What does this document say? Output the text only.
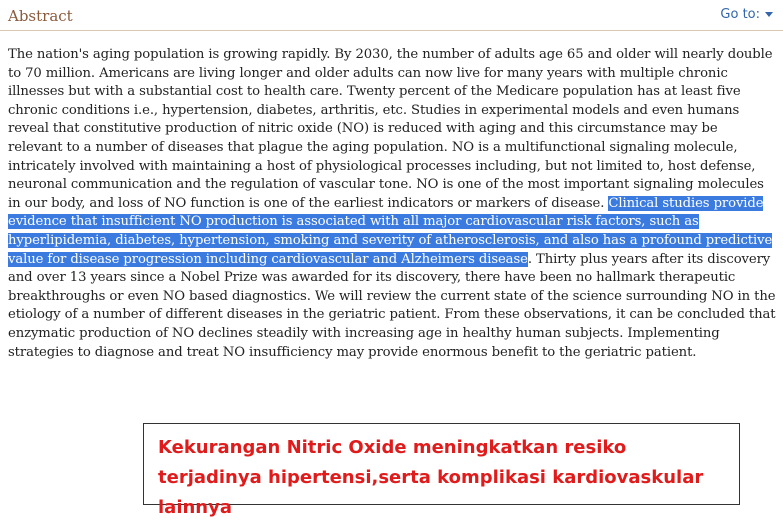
Abstract	Go to:

The nation's aging population is growing rapidly. By 2030, the number of adults age 65 and older will nearly double to 70 million. Americans are living longer and older adults can now live for many years with multiple chronic illnesses but with a substantial cost to health care. Twenty percent of the Medicare population has at least five chronic conditions i.e., hypertension, diabetes, arthritis, etc. Studies in experimental models and even humans reveal that constitutive production of nitric oxide (NO) is reduced with aging and this circumstance may be relevant to a number of diseases that plague the aging population. NO is a multifunctional signaling molecule, intricately involved with maintaining a host of physiological processes including, but not limited to, host defense, neuronal communication and the regulation of vascular tone. NO is one of the most important signaling molecules in our body, and loss of NO function is one of the earliest indicators or markers of disease. Clinical studies provide evidence that insufficient NO production is associated with all major cardiovascular risk factors, such as hyperlipidemia, diabetes, hypertension, smoking and severity of atherosclerosis, and also has a profound predictive value for disease progression including cardiovascular and Alzheimers disease. Thirty plus years after its discovery and over 13 years since a Nobel Prize was awarded for its discovery, there have been no hallmark therapeutic breakthroughs or even NO based diagnostics. We will review the current state of the science surrounding NO in the etiology of a number of different diseases in the geriatric patient. From these observations, it can be concluded that enzymatic production of NO declines steadily with increasing age in healthy human subjects. Implementing strategies to diagnose and treat NO insufficiency may provide enormous benefit to the geriatric patient.

Kekurangan Nitric Oxide meningkatkan resiko terjadinya hipertensi,serta komplikasi kardiovaskular lainnya
